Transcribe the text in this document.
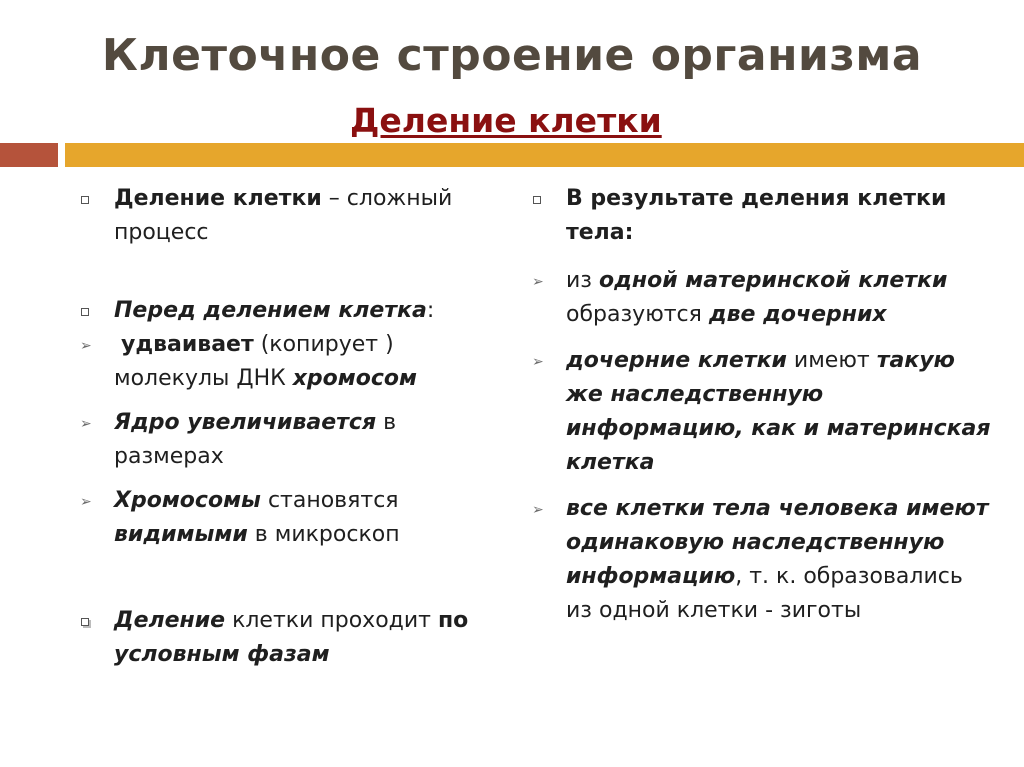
Клеточное строение организма
Деление клетки
Деление клетки – сложный процесс
Перед делением клетка:
➢ удваивает (копирует ) молекулы ДНК хромосом
➢ Ядро увеличивается в размерах
➢ Хромосомы становятся видимыми в микроскоп
Деление клетки проходит по условным фазам
В результате деления клетки тела:
➢ из одной материнской клетки образуются две дочерних
➢ дочерние клетки имеют такую же наследственную информацию, как и материнская клетка
➢ все клетки тела человека имеют одинаковую наследственную информацию, т. к. образовались из одной клетки - зиготы
